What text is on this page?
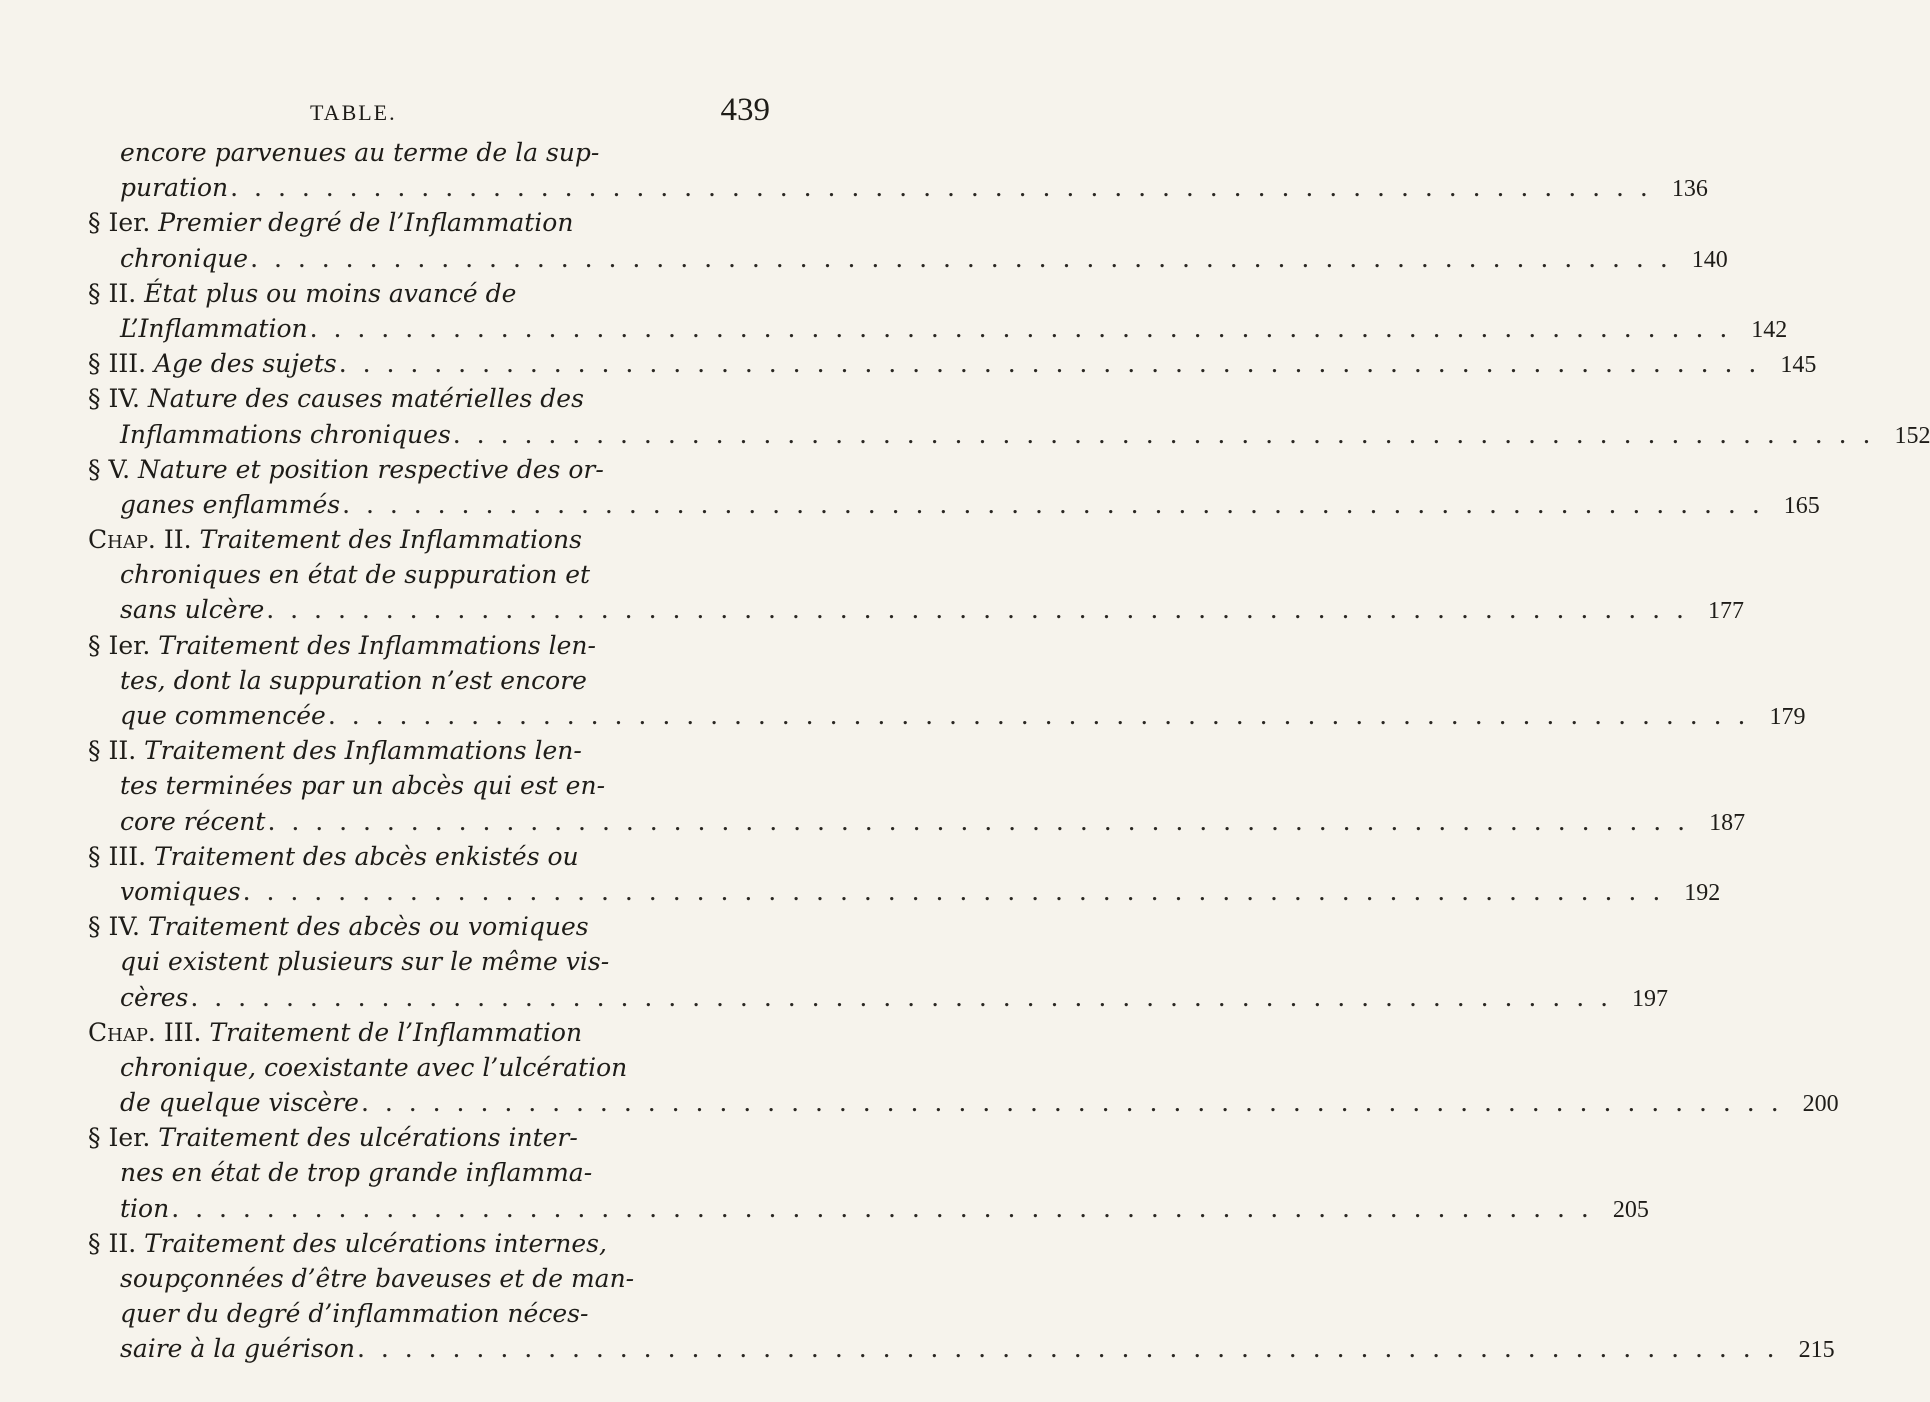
TABLE.	439
encore parvenues au terme de la sup-
puration . . . . . . . . . . . . . . . . . . . . . . . . . . . . . . . . . . . . . . . . . . . . . . . . . . . . . . . . . . . . 136
§ Ier. Premier degré de l’Inflammation
chronique . . . . . . . . . . . . . . . . . . . . . . . . . . . . . . . . . . . . . . . . . . . . . . . . . . . . . . . . . . . . 140
§ II. État plus ou moins avancé de
L’Inflammation . . . . . . . . . . . . . . . . . . . . . . . . . . . . . . . . . . . . . . . . . . . . . . . . . . . . . . . . . . . . 142
§ III. Age des sujets . . . . . . . . . . . . . . . . . . . . . . . . . . . . . . . . . . . . . . . . . . . . . . . . . . . . . . . . . . . . 145
§ IV. Nature des causes matérielles des
Inflammations chroniques . . . . . . . . . . . . . . . . . . . . . . . . . . . . . . . . . . . . . . . . . . . . . . . . . . . . . . . . . . . . 152
§ V. Nature et position respective des or-
ganes enflammés . . . . . . . . . . . . . . . . . . . . . . . . . . . . . . . . . . . . . . . . . . . . . . . . . . . . . . . . . . . . 165
Chap. II. Traitement des Inflammations
chroniques en état de suppuration et
sans ulcère . . . . . . . . . . . . . . . . . . . . . . . . . . . . . . . . . . . . . . . . . . . . . . . . . . . . . . . . . . . . 177
§ Ier. Traitement des Inflammations len-
tes, dont la suppuration n’est encore
que commencée . . . . . . . . . . . . . . . . . . . . . . . . . . . . . . . . . . . . . . . . . . . . . . . . . . . . . . . . . . . . 179
§ II. Traitement des Inflammations len-
tes terminées par un abcès qui est en-
core récent . . . . . . . . . . . . . . . . . . . . . . . . . . . . . . . . . . . . . . . . . . . . . . . . . . . . . . . . . . . . 187
§ III. Traitement des abcès enkistés ou
vomiques . . . . . . . . . . . . . . . . . . . . . . . . . . . . . . . . . . . . . . . . . . . . . . . . . . . . . . . . . . . . 192
§ IV. Traitement des abcès ou vomiques
qui existent plusieurs sur le même vis-
cères . . . . . . . . . . . . . . . . . . . . . . . . . . . . . . . . . . . . . . . . . . . . . . . . . . . . . . . . . . . . 197
Chap. III. Traitement de l’Inflammation
chronique, coexistante avec l’ulcération
de quelque viscère . . . . . . . . . . . . . . . . . . . . . . . . . . . . . . . . . . . . . . . . . . . . . . . . . . . . . . . . . . . . 200
§ Ier. Traitement des ulcérations inter-
nes en état de trop grande inflamma-
tion . . . . . . . . . . . . . . . . . . . . . . . . . . . . . . . . . . . . . . . . . . . . . . . . . . . . . . . . . . . . 205
§ II. Traitement des ulcérations internes,
soupçonnées d’être baveuses et de man-
quer du degré d’inflammation néces-
saire à la guérison . . . . . . . . . . . . . . . . . . . . . . . . . . . . . . . . . . . . . . . . . . . . . . . . . . . . . . . . . . . . 215
